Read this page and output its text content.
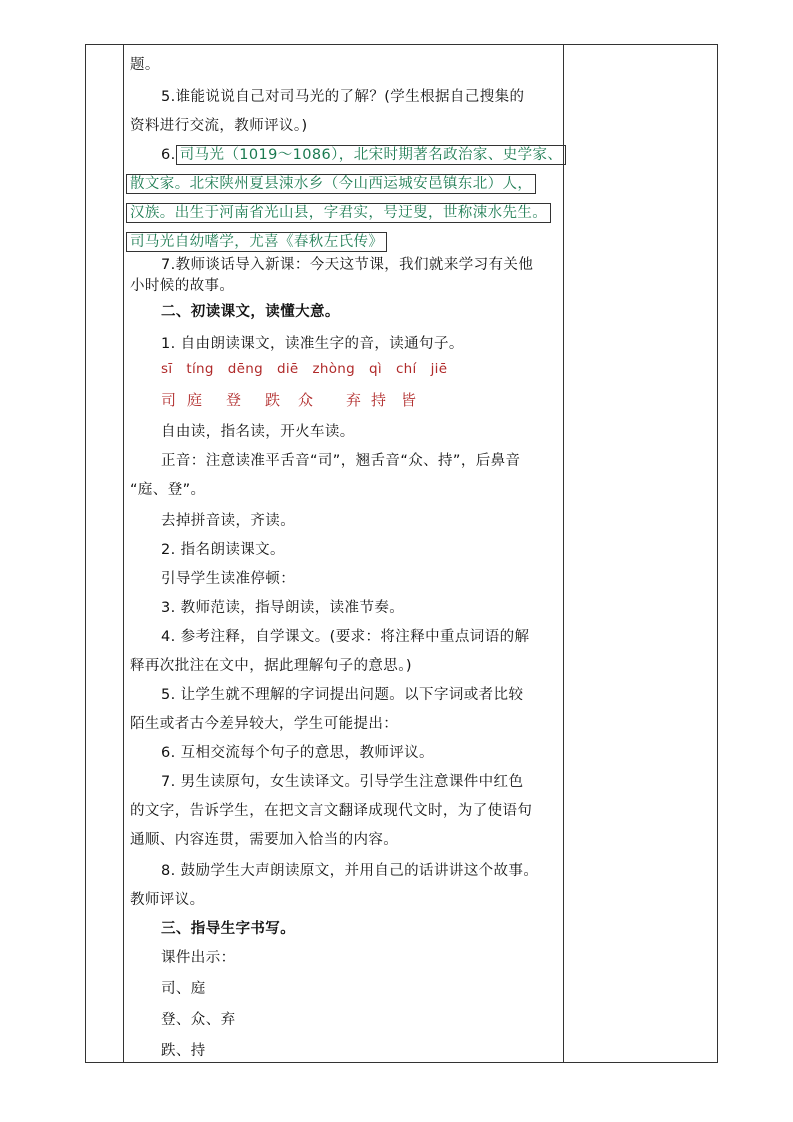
题。
5.谁能说说自己对司马光的了解？(学生根据自己搜集的
资料进行交流，教师评议。)
6. 司马光（1019～1086），北宋时期著名政治家、史学家、
散文家。北宋陕州夏县涑水乡（今山西运城安邑镇东北）人，
汉族。出生于河南省光山县，字君实，号迂叟，世称涑水先生。
司马光自幼嗜学，尤喜《春秋左氏传》
7.教师谈话导入新课：今天这节课，我们就来学习有关他
小时候的故事。
二、初读课文，读懂大意。
1. 自由朗读课文，读准生字的音，读通句子。
sī tíng dēng diē zhòng qì chí jiē
司 庭 登 跌 众 弃 持 皆
自由读，指名读，开火车读。
正音：注意读准平舌音“司”，翘舌音“众、持”，后鼻音
“庭、登”。
去掉拼音读，齐读。
2. 指名朗读课文。
引导学生读准停顿：
3. 教师范读，指导朗读，读准节奏。
4. 参考注释，自学课文。(要求：将注释中重点词语的解
释再次批注在文中，据此理解句子的意思。)
5. 让学生就不理解的字词提出问题。以下字词或者比较
陌生或者古今差异较大，学生可能提出：
6. 互相交流每个句子的意思，教师评议。
7. 男生读原句，女生读译文。引导学生注意课件中红色
的文字，告诉学生，在把文言文翻译成现代文时，为了使语句
通顺、内容连贯，需要加入恰当的内容。
8. 鼓励学生大声朗读原文，并用自己的话讲讲这个故事。
教师评议。
三、指导生字书写。
课件出示：
司、庭
登、众、弃
跌、持
